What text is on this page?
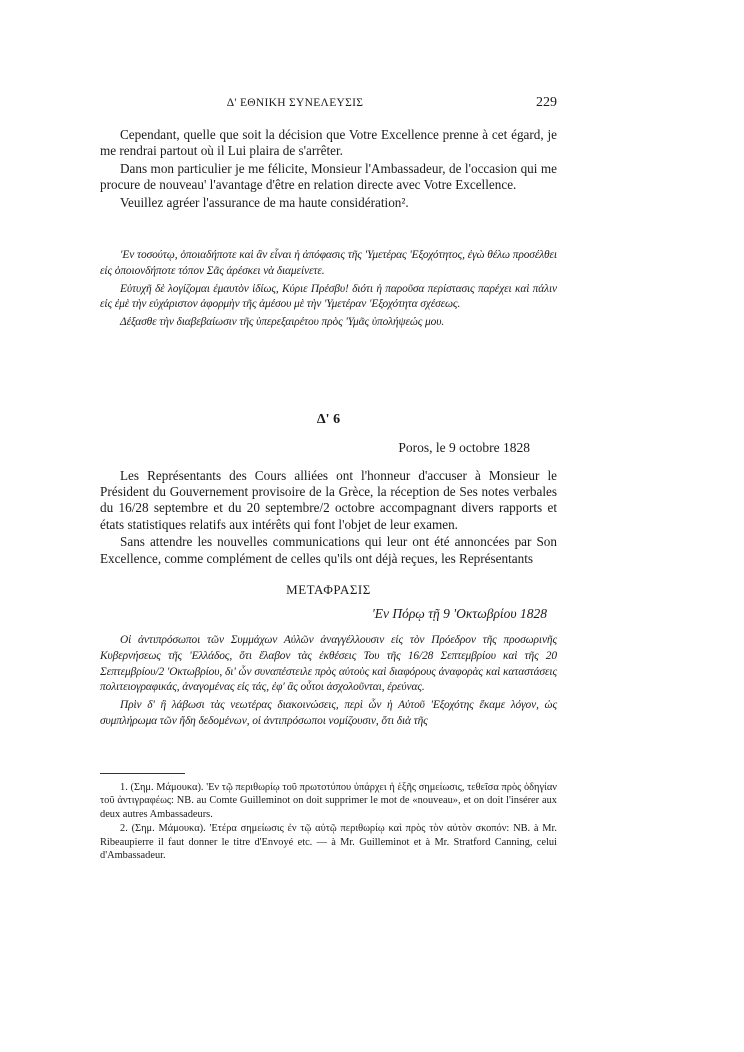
Δ' ΕΘΝΙΚΗ ΣΥΝΕΛΕΥΣΙΣ	229

Cependant, quelle que soit la décision que Votre Excellence prenne à cet égard, je me rendrai partout où il Lui plaira de s'arrêter.

Dans mon particulier je me félicite, Monsieur l'Ambassadeur, de l'occasion qui me procure de nouveau' l'avantage d'être en relation directe avec Votre Excellence.

Veuillez agréer l'assurance de ma haute considération².

'Εν τοσούτῳ, ὁποιαδήποτε καὶ ἂν εἶναι ἡ ἀπόφασις τῆς 'Υμετέρας 'Εξοχότητος, ἐγὼ θέλω προσέλθει εἰς ὁποιονδήποτε τόπον Σᾶς ἀρέσκει νὰ διαμείνετε.

Εὐτυχῆ δὲ λογίζομαι ἐμαυτὸν ἰδίως, Κύριε Πρέσβυ! διότι ἡ παροῦσα περίστασις παρέχει καὶ πάλιν εἰς ἐμὲ τὴν εὐχάριστον ἀφορμὴν τῆς ἀμέσου μὲ τὴν 'Υμετέραν 'Εξοχότητα σχέσεως.

Δέξασθε τὴν διαβεβαίωσιν τῆς ὑπερεξαιρέτου πρὸς 'Υμᾶς ὑπολήψεώς μου.

Δ' 6
Poros, le 9 octobre 1828

Les Représentants des Cours alliées ont l'honneur d'accuser à Monsieur le Président du Gouvernement provisoire de la Grèce, la réception de Ses notes verbales du 16/28 septembre et du 20 septembre/2 octobre accompagnant divers rapports et états statistiques relatifs aux intérêts qui font l'objet de leur examen.

Sans attendre les nouvelles communications qui leur ont été annoncées par Son Excellence, comme complément de celles qu'ils ont déjà reçues, les Représentants

ΜΕΤΑΦΡΑΣΙΣ
'Εν Πόρῳ τῇ 9 'Οκτωβρίου 1828

Οἱ ἀντιπρόσωποι τῶν Συμμάχων Αὐλῶν ἀναγγέλλουσιν εἰς τὸν Πρόεδρον τῆς προσωρινῆς Κυβερνήσεως τῆς 'Ελλάδος, ὅτι ἔλαβον τὰς ἐκθέσεις Του τῆς 16/28 Σεπτεμβρίου καὶ τῆς 20 Σεπτεμβρίου/2 'Οκτωβρίου, δι' ὧν συναπέστειλε πρὸς αὐτοὺς καὶ διαφόρους ἀναφορὰς καὶ καταστάσεις πολιτειογραφικάς, ἀναγομένας εἰς τάς, ἐφ' ἃς οὗτοι ἀσχολοῦνται, ἐρεύνας.

Πρὶν δ' ἢ λάβωσι τὰς νεωτέρας διακοινώσεις, περὶ ὧν ἡ Αὐτοῦ 'Εξοχότης ἔκαμε λόγον, ὡς συμπλήρωμα τῶν ἤδη δεδομένων, οἱ ἀντιπρόσωποι νομίζουσιν, ὅτι διὰ τῆς

1. (Σημ. Μάμουκα). 'Εν τῷ περιθωρίῳ τοῦ πρωτοτύπου ὑπάρχει ἡ ἑξῆς σημείωσις, τεθεῖσα πρὸς ὁδηγίαν τοῦ ἀντιγραφέως: NB. au Comte Guilleminot on doit supprimer le mot de «nouveau», et on doit l'insérer aux deux autres Ambassadeurs.

2. (Σημ. Μάμουκα). 'Ετέρα σημείωσις ἐν τῷ αὐτῷ περιθωρίῳ καὶ πρὸς τὸν αὐτὸν σκοπόν: NB. à Mr. Ribeaupierre il faut donner le titre d'Envoyé etc. — à Mr. Guilleminot et à Mr. Stratford Canning, celui d'Ambassadeur.
